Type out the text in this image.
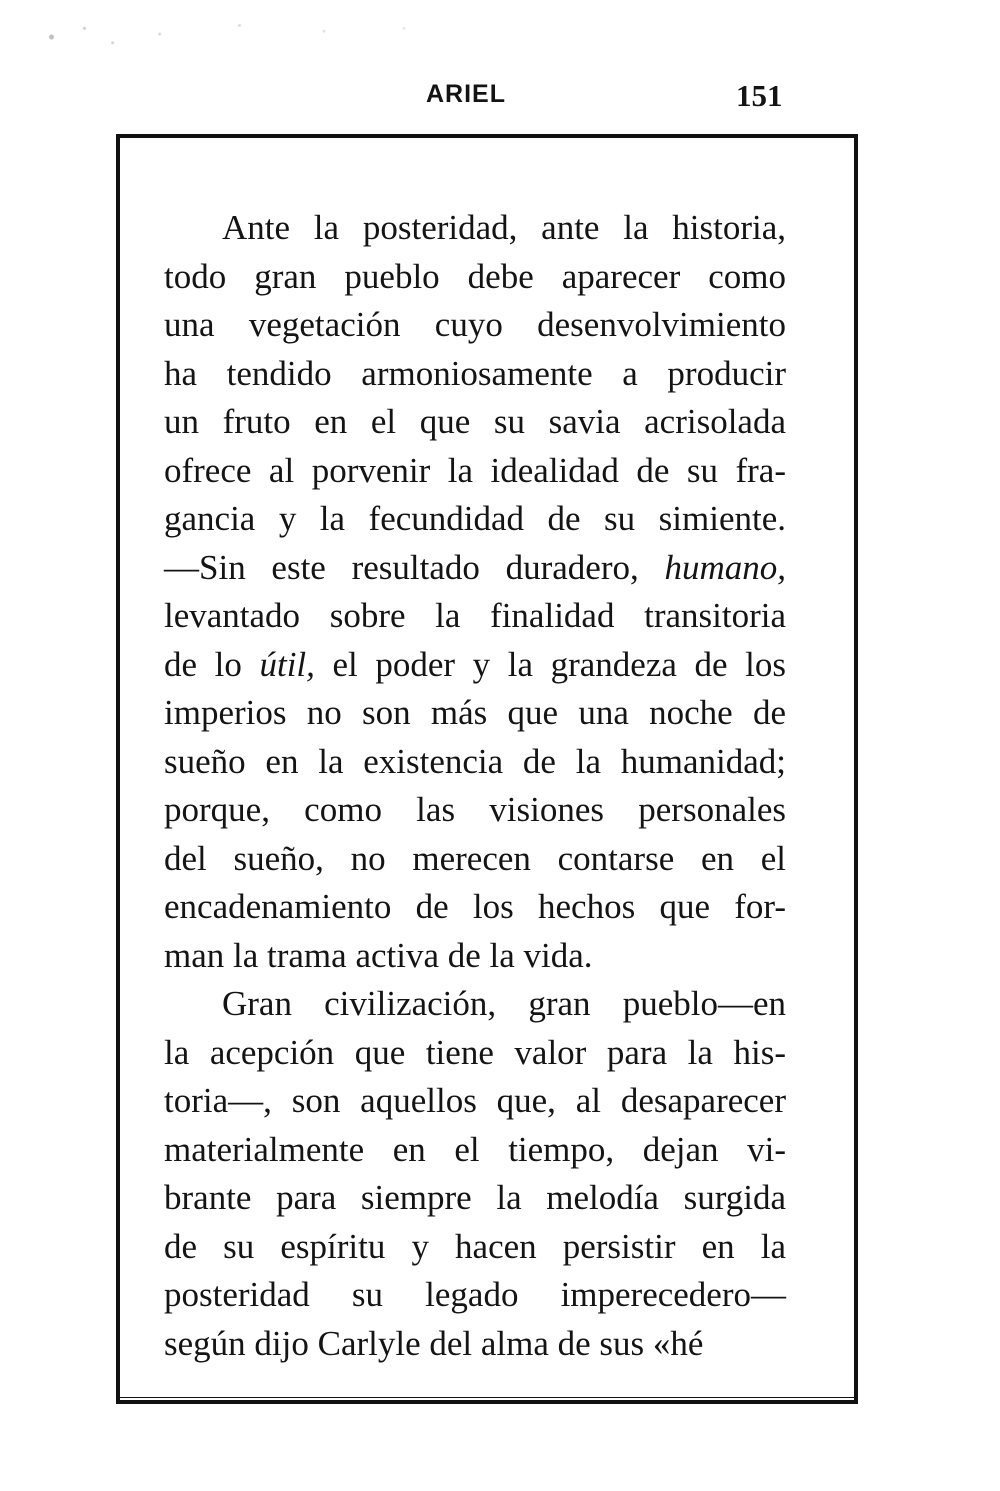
ARIEL	151
Ante la posteridad, ante la historia,
todo gran pueblo debe aparecer como
una vegetación cuyo desenvolvimiento
ha tendido armoniosamente a producir
un fruto en el que su savia acrisolada
ofrece al porvenir la idealidad de su fra-
gancia y la fecundidad de su simiente.
—Sin este resultado duradero, humano,
levantado sobre la finalidad transitoria
de lo útil, el poder y la grandeza de los
imperios no son más que una noche de
sueño en la existencia de la humanidad;
porque, como las visiones personales
del sueño, no merecen contarse en el
encadenamiento de los hechos que for-
man la trama activa de la vida.
Gran civilización, gran pueblo—en
la acepción que tiene valor para la his-
toria—, son aquellos que, al desaparecer
materialmente en el tiempo, dejan vi-
brante para siempre la melodía surgida
de su espíritu y hacen persistir en la
posteridad su legado imperecedero—
según dijo Carlyle del alma de sus «hé
